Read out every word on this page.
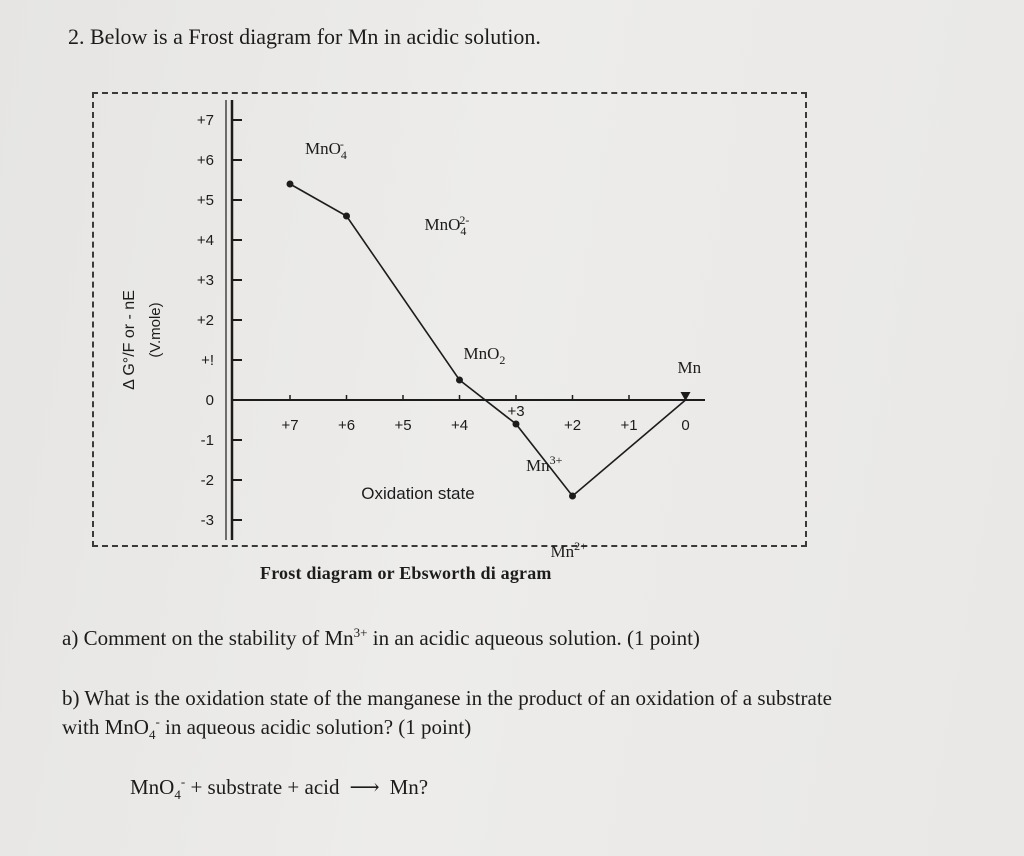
2. Below is a Frost diagram for Mn in acidic solution.
+7
+6
+5
+4
+3
+2
+!
0
-1
-2
-3
+7	+6	+5	+4
+3
+2	+1	0
Oxidation state
MnO$_4$-
MnO$_4$2-
MnO$_2$
$Mn^{3+}$
$Mn^{2+}$
Mn
Δ G°/F or - nE (V.mole)
Frost diagram or Ebsworth di agram
a) Comment on the stability of $Mn^{3+}$ in an acidic aqueous solution. (1 point)
b) What is the oxidation state of the manganese in the product of an oxidation of a substrate
with MnO$_4$- in aqueous acidic solution? (1 point)
MnO$_4$- + substrate + acid ⟶ Mn?
